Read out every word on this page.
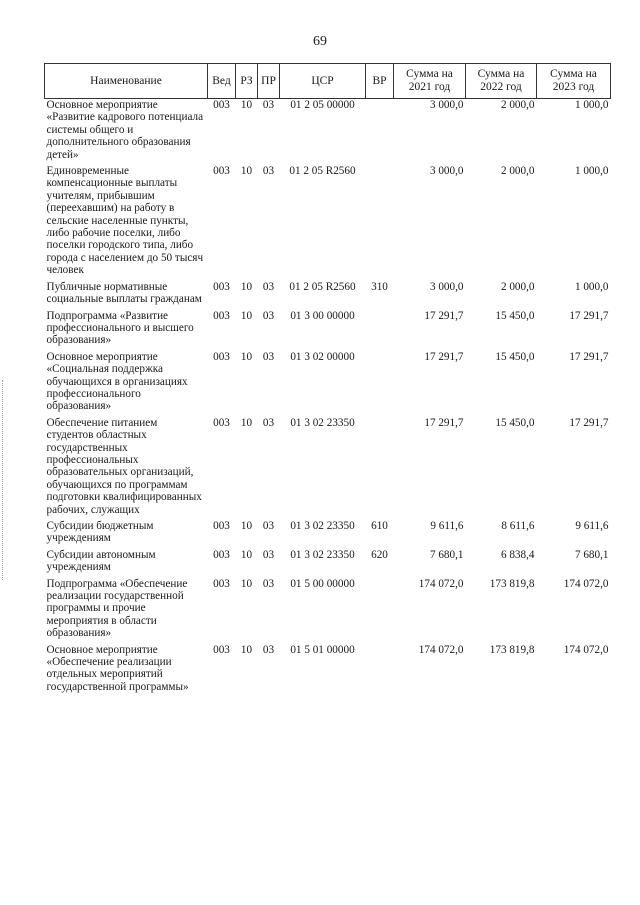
69
Наименование	Вед	РЗ	ПР	ЦСР	ВР	Сумма на 2021 год	Сумма на 2022 год	Сумма на 2023 год
Основное мероприятие «Развитие кадрового потенциала системы общего и дополнительного образования детей»	003	10	03	01 2 05 00000		3 000,0	2 000,0	1 000,0
Единовременные компенсационные выплаты учителям, прибывшим (переехавшим) на работу в сельские населенные пункты, либо рабочие поселки, либо поселки городского типа, либо города с населением до 50 тысяч человек	003	10	03	01 2 05 R2560		3 000,0	2 000,0	1 000,0
Публичные нормативные социальные выплаты гражданам	003	10	03	01 2 05 R2560	310	3 000,0	2 000,0	1 000,0
Подпрограмма «Развитие профессионального и высшего образования»	003	10	03	01 3 00 00000		17 291,7	15 450,0	17 291,7
Основное мероприятие «Социальная поддержка обучающихся в организациях профессионального образования»	003	10	03	01 3 02 00000		17 291,7	15 450,0	17 291,7
Обеспечение питанием студентов областных государственных профессиональных образовательных организаций, обучающихся по программам подготовки квалифицированных рабочих, служащих	003	10	03	01 3 02 23350		17 291,7	15 450,0	17 291,7
Субсидии бюджетным учреждениям	003	10	03	01 3 02 23350	610	9 611,6	8 611,6	9 611,6
Субсидии автономным учреждениям	003	10	03	01 3 02 23350	620	7 680,1	6 838,4	7 680,1
Подпрограмма «Обеспечение реализации государственной программы и прочие мероприятия в области образования»	003	10	03	01 5 00 00000		174 072,0	173 819,8	174 072,0
Основное мероприятие «Обеспечение реализации отдельных мероприятий государственной программы»	003	10	03	01 5 01 00000		174 072,0	173 819,8	174 072,0
